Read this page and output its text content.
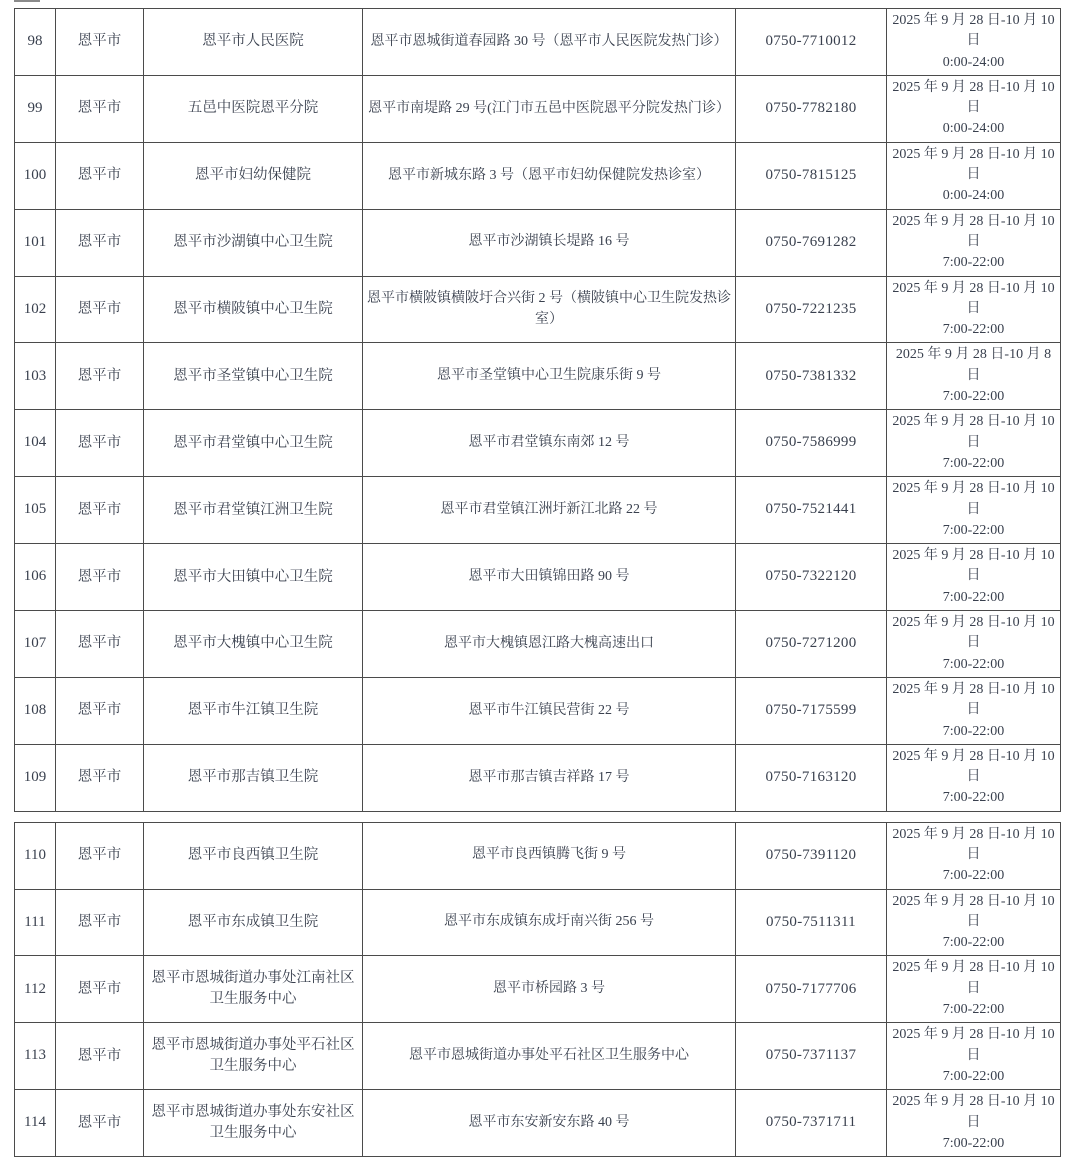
98	恩平市	恩平市人民医院	恩平市恩城街道春园路 30 号（恩平市人民医院发热门诊）	0750-7710012	2025 年 9 月 28 日-10 月 10 日
0:00-24:00

99	恩平市	五邑中医院恩平分院	恩平市南堤路 29 号(江门市五邑中医院恩平分院发热门诊）	0750-7782180	2025 年 9 月 28 日-10 月 10 日
0:00-24:00

100	恩平市	恩平市妇幼保健院	恩平市新城东路 3 号（恩平市妇幼保健院发热诊室）	0750-7815125	2025 年 9 月 28 日-10 月 10 日
0:00-24:00

101	恩平市	恩平市沙湖镇中心卫生院	恩平市沙湖镇长堤路 16 号	0750-7691282	2025 年 9 月 28 日-10 月 10 日
7:00-22:00

102	恩平市	恩平市横陂镇中心卫生院	恩平市横陂镇横陂圩合兴街 2 号（横陂镇中心卫生院发热诊室）	0750-7221235	2025 年 9 月 28 日-10 月 10 日
7:00-22:00

103	恩平市	恩平市圣堂镇中心卫生院	恩平市圣堂镇中心卫生院康乐街 9 号	0750-7381332	2025 年 9 月 28 日-10 月 8 日
7:00-22:00

104	恩平市	恩平市君堂镇中心卫生院	恩平市君堂镇东南郊 12 号	0750-7586999	2025 年 9 月 28 日-10 月 10 日
7:00-22:00

105	恩平市	恩平市君堂镇江洲卫生院	恩平市君堂镇江洲圩新江北路 22 号	0750-7521441	2025 年 9 月 28 日-10 月 10 日
7:00-22:00

106	恩平市	恩平市大田镇中心卫生院	恩平市大田镇锦田路 90 号	0750-7322120	2025 年 9 月 28 日-10 月 10 日
7:00-22:00

107	恩平市	恩平市大槐镇中心卫生院	恩平市大槐镇恩江路大槐高速出口	0750-7271200	2025 年 9 月 28 日-10 月 10 日
7:00-22:00

108	恩平市	恩平市牛江镇卫生院	恩平市牛江镇民营街 22 号	0750-7175599	2025 年 9 月 28 日-10 月 10 日
7:00-22:00

109	恩平市	恩平市那吉镇卫生院	恩平市那吉镇吉祥路 17 号	0750-7163120	2025 年 9 月 28 日-10 月 10 日
7:00-22:00
110	恩平市	恩平市良西镇卫生院	恩平市良西镇腾飞街 9 号	0750-7391120	2025 年 9 月 28 日-10 月 10 日
7:00-22:00

111	恩平市	恩平市东成镇卫生院	恩平市东成镇东成圩南兴街 256 号	0750-7511311	2025 年 9 月 28 日-10 月 10 日
7:00-22:00

112	恩平市	恩平市恩城街道办事处江南社区卫生服务中心	恩平市桥园路 3 号	0750-7177706	2025 年 9 月 28 日-10 月 10 日
7:00-22:00

113	恩平市	恩平市恩城街道办事处平石社区卫生服务中心	恩平市恩城街道办事处平石社区卫生服务中心	0750-7371137	2025 年 9 月 28 日-10 月 10 日
7:00-22:00

114	恩平市	恩平市恩城街道办事处东安社区卫生服务中心	恩平市东安新安东路 40 号	0750-7371711	2025 年 9 月 28 日-10 月 10 日
7:00-22:00
